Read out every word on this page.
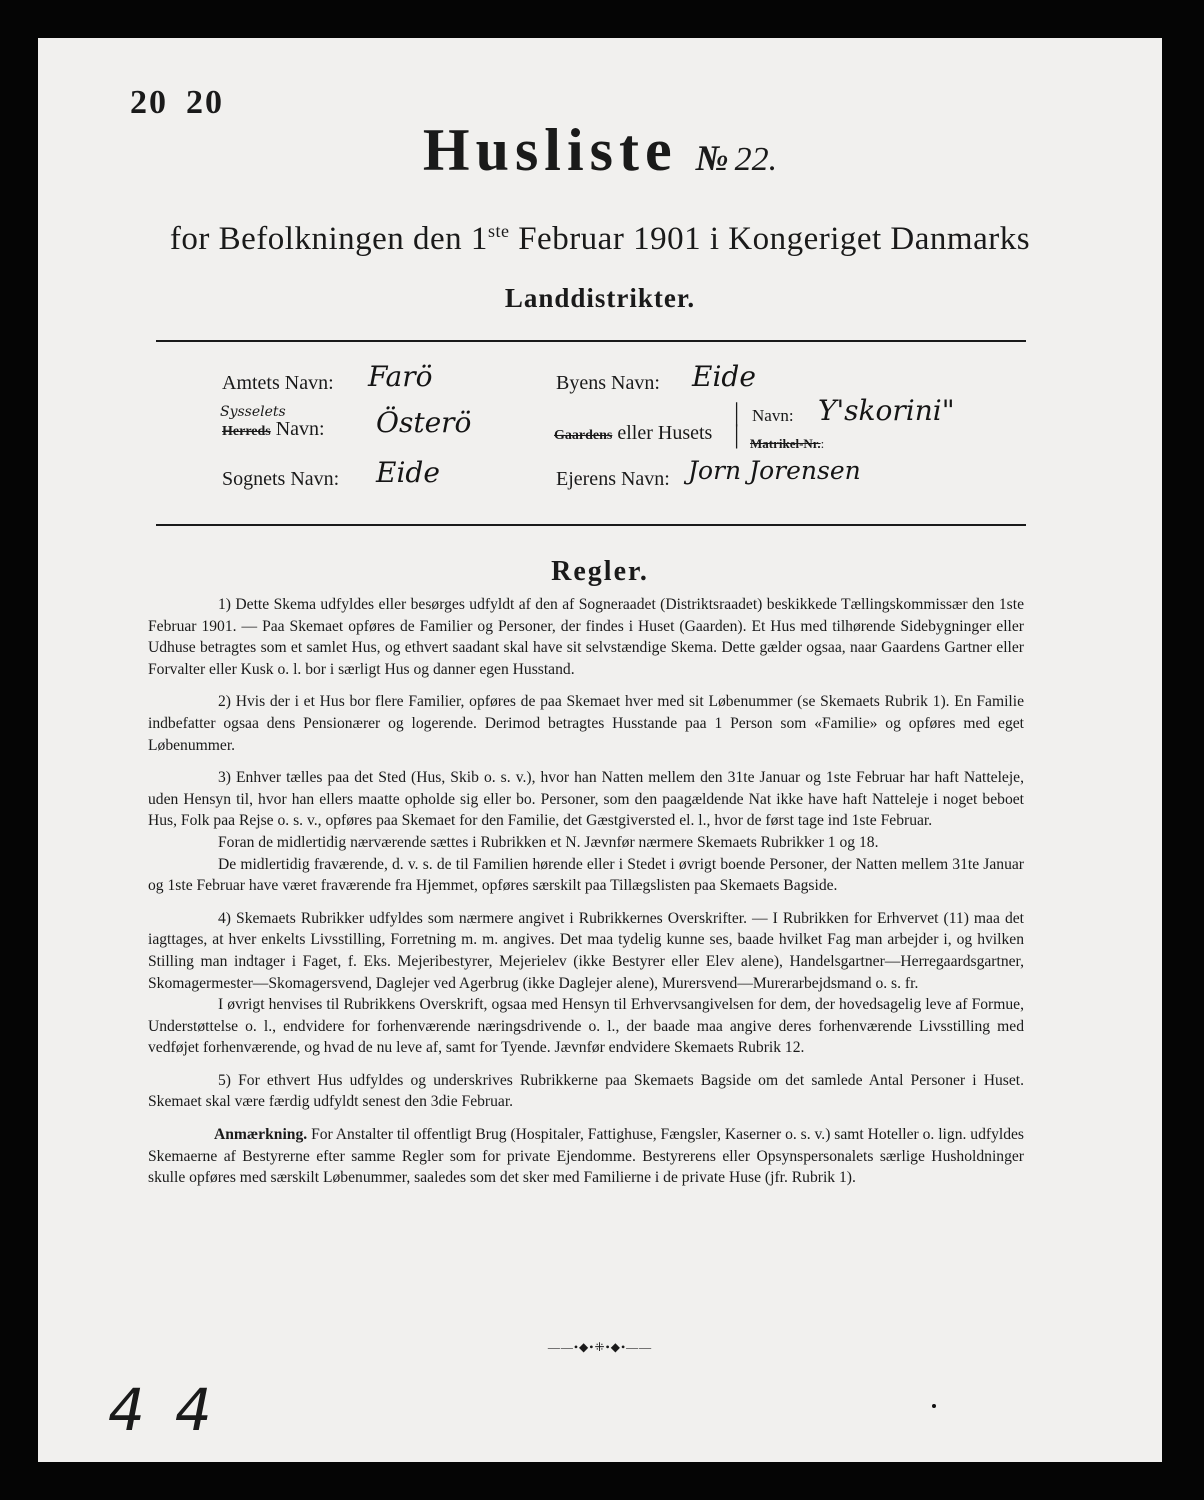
20 20
Husliste № 22.
for Befolkningen den 1ste Februar 1901 i Kongeriget Danmarks
Landdistrikter.
Amtets Navn: Farö
Sysselets
Herreds Navn: Österö
Sognets Navn: Eide
Byens Navn: Eide
Gaardens eller Husets
|
|
Navn: Y'skorini"
Matrikel-Nr.:
Ejerens Navn: Jorn Jorensen
Regler.

1) Dette Skema udfyldes eller besørges udfyldt af den af Sogneraadet (Distriktsraadet) beskikkede Tællingskommissær den 1ste Februar 1901. — Paa Skemaet opføres de Familier og Personer, der findes i Huset (Gaarden). Et Hus med tilhørende Sidebygninger eller Udhuse betragtes som et samlet Hus, og ethvert saadant skal have sit selvstændige Skema. Dette gælder ogsaa, naar Gaardens Gartner eller Forvalter eller Kusk o. l. bor i særligt Hus og danner egen Husstand.

2) Hvis der i et Hus bor flere Familier, opføres de paa Skemaet hver med sit Løbenummer (se Skemaets Rubrik 1). En Familie indbefatter ogsaa dens Pensionærer og logerende. Derimod betragtes Husstande paa 1 Person som «Familie» og opføres med eget Løbenummer.

3) Enhver tælles paa det Sted (Hus, Skib o. s. v.), hvor han Natten mellem den 31te Januar og 1ste Februar har haft Natteleje, uden Hensyn til, hvor han ellers maatte opholde sig eller bo. Personer, som den paagældende Nat ikke have haft Natteleje i noget beboet Hus, Folk paa Rejse o. s. v., opføres paa Skemaet for den Familie, det Gæstgiversted el. l., hvor de først tage ind 1ste Februar.

Foran de midlertidig nærværende sættes i Rubrikken et N. Jævnfør nærmere Skemaets Rubrikker 1 og 18.

De midlertidig fraværende, d. v. s. de til Familien hørende eller i Stedet i øvrigt boende Personer, der Natten mellem 31te Januar og 1ste Februar have været fraværende fra Hjemmet, opføres særskilt paa Tillægslisten paa Skemaets Bagside.

4) Skemaets Rubrikker udfyldes som nærmere angivet i Rubrikkernes Overskrifter. — I Rubrikken for Erhvervet (11) maa det iagttages, at hver enkelts Livsstilling, Forretning m. m. angives. Det maa tydelig kunne ses, baade hvilket Fag man arbejder i, og hvilken Stilling man indtager i Faget, f. Eks. Mejeribestyrer, Mejerielev (ikke Bestyrer eller Elev alene), Handelsgartner—Herregaardsgartner, Skomagermester—Skomagersvend, Daglejer ved Agerbrug (ikke Daglejer alene), Murersvend—Murerarbejdsmand o. s. fr.

I øvrigt henvises til Rubrikkens Overskrift, ogsaa med Hensyn til Erhvervsangivelsen for dem, der hovedsagelig leve af Formue, Understøttelse o. l., endvidere for forhenværende næringsdrivende o. l., der baade maa angive deres forhenværende Livsstilling med vedføjet forhenværende, og hvad de nu leve af, samt for Tyende. Jævnfør endvidere Skemaets Rubrik 12.

5) For ethvert Hus udfyldes og underskrives Rubrikkerne paa Skemaets Bagside om det samlede Antal Personer i Huset. Skemaet skal være færdig udfyldt senest den 3die Februar.

Anmærkning. For Anstalter til offentligt Brug (Hospitaler, Fattighuse, Fængsler, Kaserner o. s. v.) samt Hoteller o. lign. udfyldes Skemaerne af Bestyrerne efter samme Regler som for private Ejendomme. Bestyrerens eller Opsynspersonalets særlige Husholdninger skulle opføres med særskilt Løbenummer, saaledes som det sker med Familierne i de private Huse (jfr. Rubrik 1).

——•◆•⁜•◆•——
4 4
